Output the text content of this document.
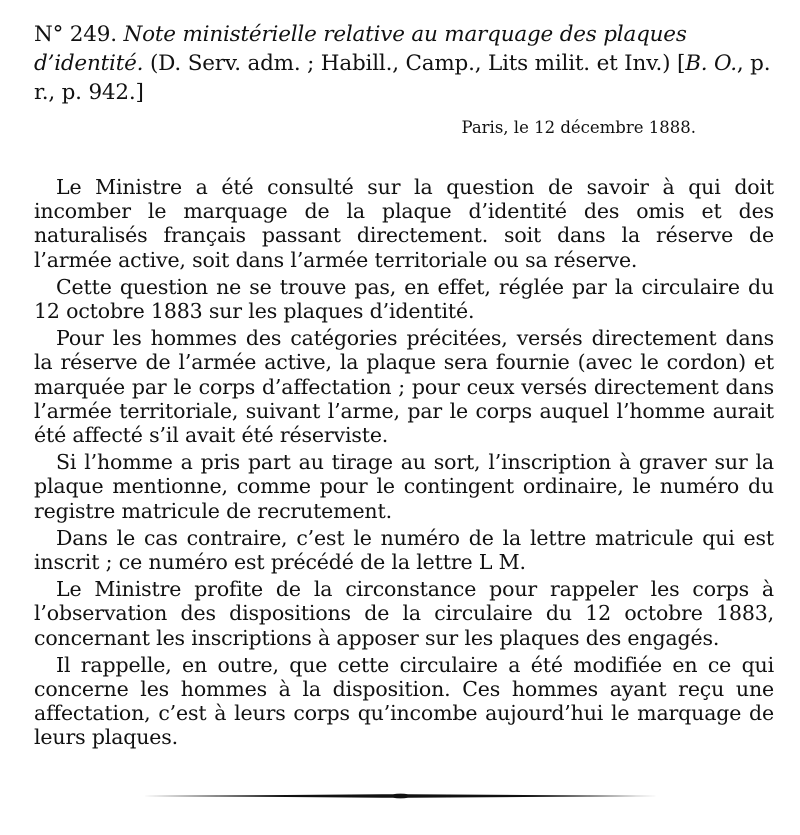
N° 249. Note ministérielle relative au marquage des plaques d’identité. (D. Serv. adm. ; Habill., Camp., Lits milit. et Inv.) [B. O., p. r., p. 942.]
Paris, le 12 décembre 1888.

Le Ministre a été consulté sur la question de savoir à qui doit incomber le marquage de la plaque d’identité des omis et des naturalisés français passant directement. soit dans la réserve de l’armée active, soit dans l’armée territoriale ou sa réserve.

Cette question ne se trouve pas, en effet, réglée par la circulaire du 12 octobre 1883 sur les plaques d’identité.

Pour les hommes des catégories précitées, versés directement dans la réserve de l’armée active, la plaque sera fournie (avec le cordon) et marquée par le corps d’affectation ; pour ceux versés directement dans l’armée territoriale, suivant l’arme, par le corps auquel l’homme aurait été affecté s’il avait été réserviste.

Si l’homme a pris part au tirage au sort, l’inscription à graver sur la plaque mentionne, comme pour le contingent ordinaire, le numéro du registre matricule de recrutement.

Dans le cas contraire, c’est le numéro de la lettre matricule qui est inscrit ; ce numéro est précédé de la lettre L M.

Le Ministre profite de la circonstance pour rappeler les corps à l’observation des dispositions de la circulaire du 12 octobre 1883, concernant les inscriptions à apposer sur les plaques des engagés.

Il rappelle, en outre, que cette circulaire a été modifiée en ce qui concerne les hommes à la disposition. Ces hommes ayant reçu une affectation, c’est à leurs corps qu’incombe aujourd’hui le marquage de leurs plaques.
